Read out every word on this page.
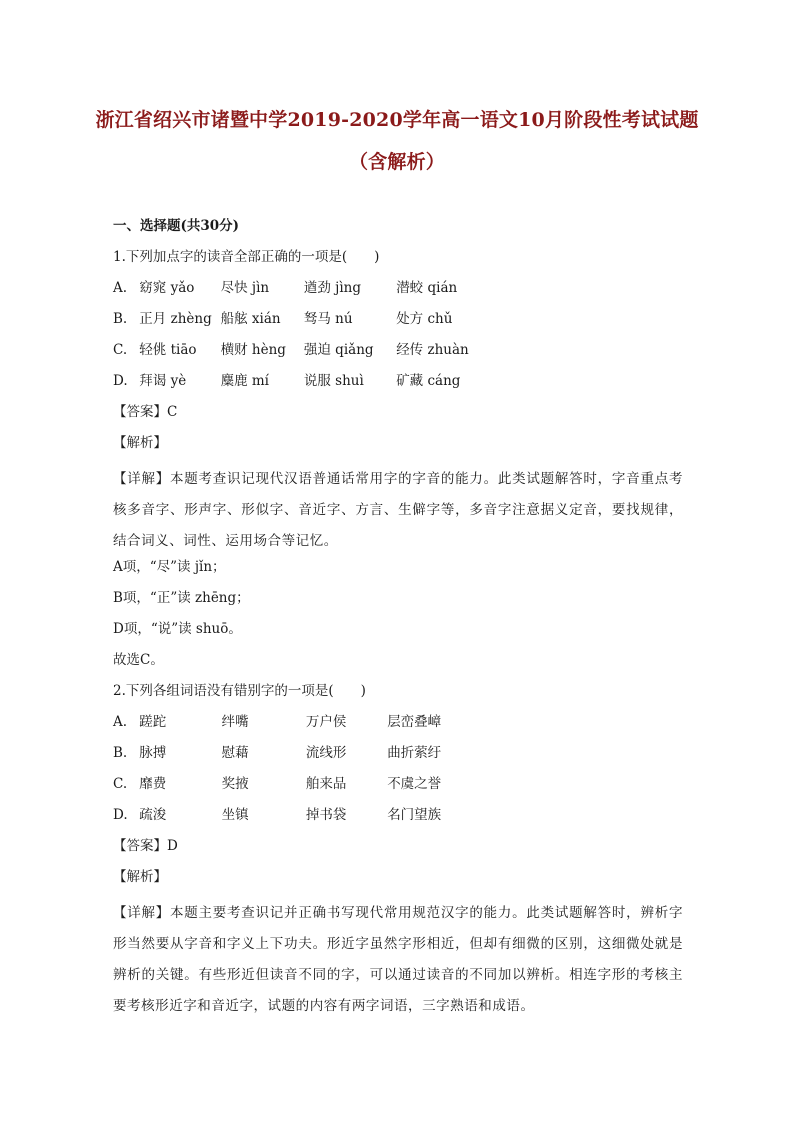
浙江省绍兴市诸暨中学2019-2020学年高一语文10月阶段性考试试题
（含解析）
一、选择题(共30分)
1.下列加点字的读音全部正确的一项是(　　)
A. 窈窕 yǎo 尽快 jìn	遒劲 jìng	潜蛟 qián
B. 正月 zhèng 船舷 xián 驽马 nú	处方 chǔ
C. 轻佻 tiāo 横财 hèng 强迫 qiǎng 经传 zhuàn
D. 拜谒 yè	麋鹿 mí	说服 shuì 矿藏 cáng
【答案】C
【解析】
【详解】本题考查识记现代汉语普通话常用字的字音的能力。此类试题解答时，字音重点考核多音字、形声字、形似字、音近字、方言、生僻字等，多音字注意据义定音，要找规律，结合词义、词性、运用场合等记忆。
A项，“尽”读 jǐn；
B项，“正”读 zhēng；
D项，“说”读 shuō。
故选C。
2.下列各组词语没有错别字的一项是(　　)
A. 蹉跎	绊嘴	万户侯	层峦叠嶂
B. 脉搏	慰藉	流线形	曲折萦纡
C. 靡费	奖掖	舶来品	不虞之誉
D. 疏浚	坐镇	掉书袋	名门望族
【答案】D
【解析】
【详解】本题主要考查识记并正确书写现代常用规范汉字的能力。此类试题解答时，辨析字形当然要从字音和字义上下功夫。形近字虽然字形相近，但却有细微的区别，这细微处就是辨析的关键。有些形近但读音不同的字，可以通过读音的不同加以辨析。相连字形的考核主要考核形近字和音近字，试题的内容有两字词语，三字熟语和成语。
